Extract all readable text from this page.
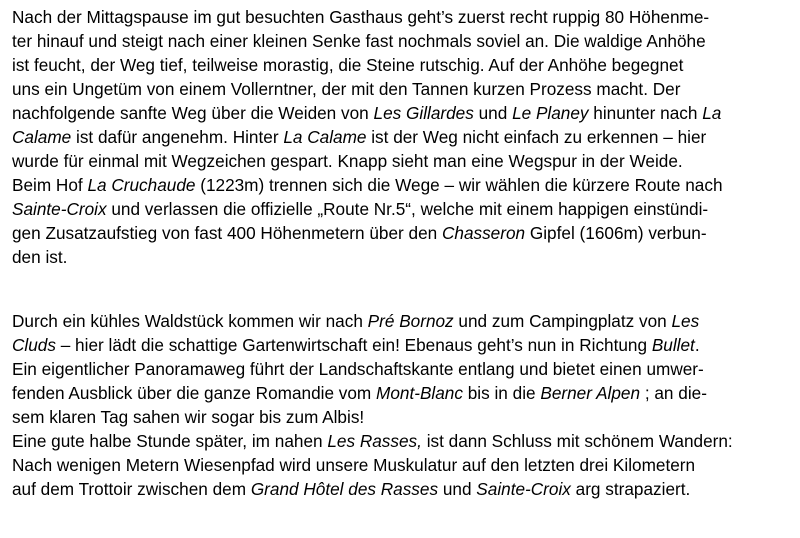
Nach der Mittagspause im gut besuchten Gasthaus geht’s zuerst recht ruppig 80 Höhenme-
ter hinauf und steigt nach einer kleinen Senke fast nochmals soviel an. Die waldige Anhöhe
ist feucht, der Weg tief, teilweise morastig, die Steine rutschig. Auf der Anhöhe begegnet
uns ein Ungetüm von einem Vollerntner, der mit den Tannen kurzen Prozess macht. Der
nachfolgende sanfte Weg über die Weiden von Les Gillardes und Le Planey hinunter nach La
Calame ist dafür angenehm. Hinter La Calame ist der Weg nicht einfach zu erkennen – hier
wurde für einmal mit Wegzeichen gespart. Knapp sieht man eine Wegspur in der Weide.
Beim Hof La Cruchaude (1223m) trennen sich die Wege – wir wählen die kürzere Route nach
Sainte-Croix und verlassen die offizielle „Route Nr.5“, welche mit einem happigen einstündi-
gen Zusatzaufstieg von fast 400 Höhenmetern über den Chasseron Gipfel (1606m) verbun-
den ist.
Durch ein kühles Waldstück kommen wir nach Pré Bornoz und zum Campingplatz von Les
Cluds – hier lädt die schattige Gartenwirtschaft ein! Ebenaus geht’s nun in Richtung Bullet.
Ein eigentlicher Panoramaweg führt der Landschaftskante entlang und bietet einen umwer-
fenden Ausblick über die ganze Romandie vom Mont-Blanc bis in die Berner Alpen ; an die-
sem klaren Tag sahen wir sogar bis zum Albis!
Eine gute halbe Stunde später, im nahen Les Rasses, ist dann Schluss mit schönem Wandern:
Nach wenigen Metern Wiesenpfad wird unsere Muskulatur auf den letzten drei Kilometern
auf dem Trottoir zwischen dem Grand Hôtel des Rasses und Sainte-Croix arg strapaziert.
